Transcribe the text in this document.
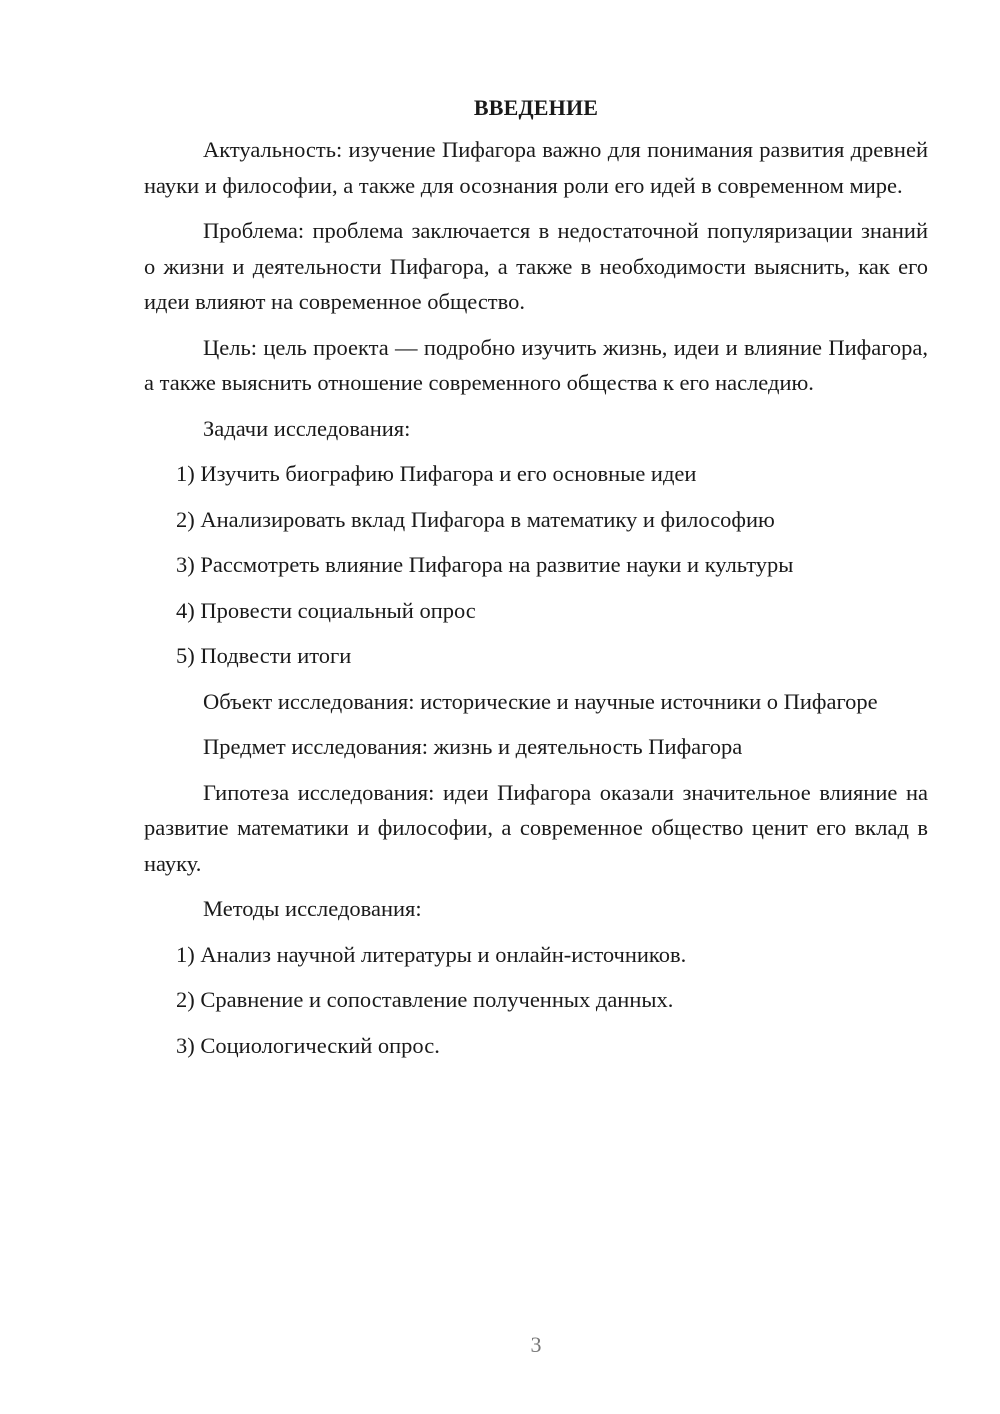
ВВЕДЕНИЕ

Актуальность: изучение Пифагора важно для понимания развития древней науки и философии, а также для осознания роли его идей в современном мире.

Проблема: проблема заключается в недостаточной популяризации знаний о жизни и деятельности Пифагора, а также в необходимости выяснить, как его идеи влияют на современное общество.

Цель: цель проекта — подробно изучить жизнь, идеи и влияние Пифагора, а также выяснить отношение современного общества к его наследию.

Задачи исследования:

1) Изучить биографию Пифагора и его основные идеи

2) Анализировать вклад Пифагора в математику и философию

3) Рассмотреть влияние Пифагора на развитие науки и культуры

4) Провести социальный опрос

5) Подвести итоги

Объект исследования: исторические и научные источники о Пифагоре

Предмет исследования: жизнь и деятельность Пифагора

Гипотеза исследования: идеи Пифагора оказали значительное влияние на развитие математики и философии, а современное общество ценит его вклад в науку.

Методы исследования:

1) Анализ научной литературы и онлайн-источников.

2) Сравнение и сопоставление полученных данных.

3) Социологический опрос.

3
